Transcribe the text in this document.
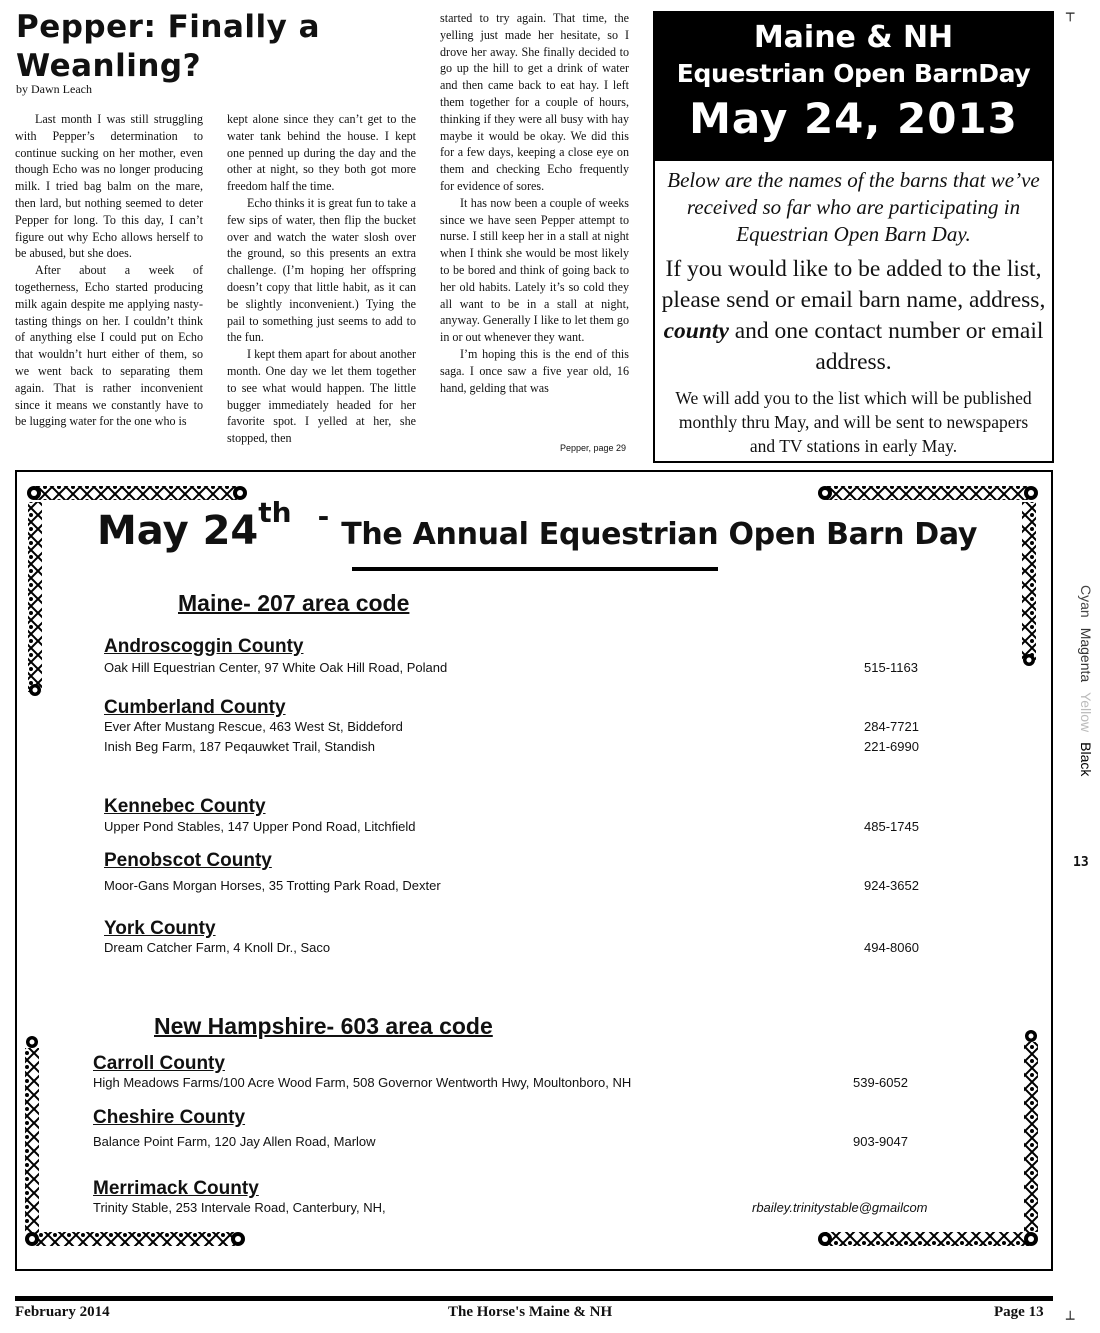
Pepper: Finally a
Weanling?
by Dawn Leach

Last month I was still struggling with Pepper’s determination to continue sucking on her mother, even though Echo was no longer producing milk. I tried bag balm on the mare, then lard, but nothing seemed to deter Pepper for long. To this day, I can’t figure out why Echo allows herself to be abused, but she does.

After about a week of togetherness, Echo started producing milk again despite me applying nasty-tasting things on her. I couldn’t think of anything else I could put on Echo that wouldn’t hurt either of them, so we went back to separating them again. That is rather inconvenient since it means we constantly have to be lugging water for the one who is

kept alone since they can’t get to the water tank behind the house. I kept one penned up during the day and the other at night, so they both got more freedom half the time.

Echo thinks it is great fun to take a few sips of water, then flip the bucket over and watch the water slosh over the ground, so this presents an extra challenge. (I’m hoping her offspring doesn’t copy that little habit, as it can be slightly inconvenient.) Tying the pail to something just seems to add to the fun.

I kept them apart for about another month. One day we let them together to see what would happen. The little bugger immediately headed for her favorite spot. I yelled at her, she stopped, then

started to try again. That time, the yelling just made her hesitate, so I drove her away. She finally decided to go up the hill to get a drink of water and then came back to eat hay. I left them together for a couple of hours, thinking if they were all busy with hay maybe it would be okay. We did this for a few days, keeping a close eye on them and checking Echo frequently for evidence of sores.

It has now been a couple of weeks since we have seen Pepper attempt to nurse. I still keep her in a stall at night when I think she would be most likely to be bored and think of going back to her old habits. Lately it’s so cold they all want to be in a stall at night, anyway. Generally I like to let them go in or out whenever they want.

I’m hoping this is the end of this saga. I once saw a five year old, 16 hand, gelding that was

Pepper, page 29
Maine & NH
Equestrian Open BarnDay
May 24, 2013
Below are the names of the barns that we’ve received so far who are participating in Equestrian Open Barn Day.
If you would like to be added to the list, please send or email barn name, address, county and one contact number or email address.
We will add you to the list which will be published
monthly thru May, and will be sent to newspapers
and TV stations in early May.
May 24th -The Annual Equestrian Open Barn Day
Maine- 207 area code
Androscoggin County
Oak Hill Equestrian Center, 97 White Oak Hill Road, Poland	515-1163
Cumberland County
Ever After Mustang Rescue, 463 West St, Biddeford	284-7721
Inish Beg Farm, 187 Peqauwket Trail, Standish	221-6990
Kennebec County
Upper Pond Stables, 147 Upper Pond Road, Litchfield	485-1745
Penobscot County
Moor-Gans Morgan Horses, 35 Trotting Park Road, Dexter	924-3652
York County
Dream Catcher Farm, 4 Knoll Dr., Saco	494-8060
New Hampshire- 603 area code
Carroll County
High Meadows Farms/100 Acre Wood Farm, 508 Governor Wentworth Hwy, Moultonboro, NH	539-6052
Cheshire County
Balance Point Farm, 120 Jay Allen Road, Marlow	903-9047
Merrimack County
Trinity Stable, 253 Intervale Road, Canterbury, NH,	rbailey.trinitystable@gmailcom
┬
┴
CyanMagentaYellowBlack
13
February 2014	The Horse's Maine & NH	Page 13
